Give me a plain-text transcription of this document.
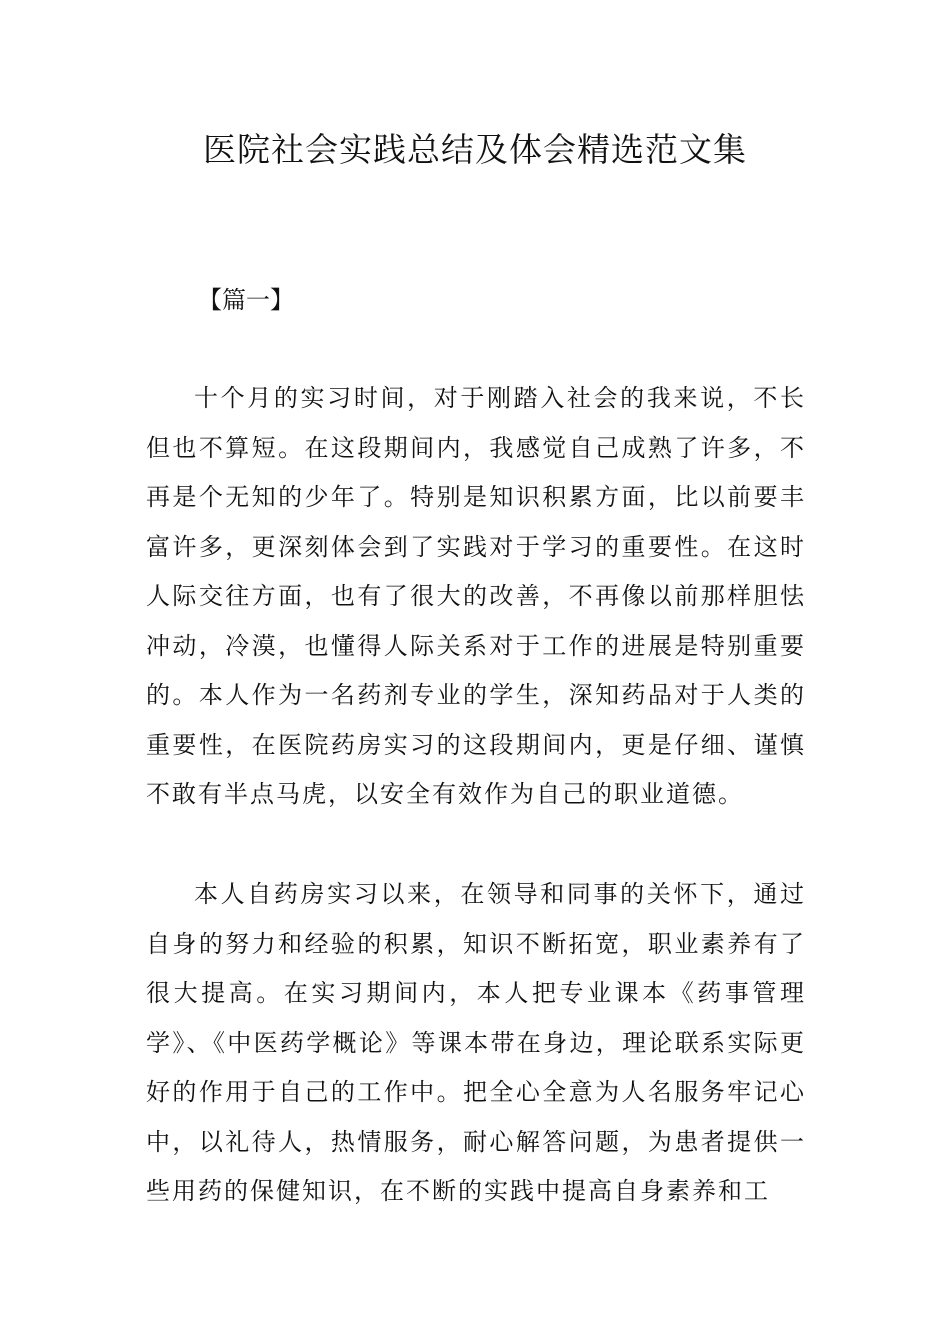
医院社会实践总结及体会精选范文集
【篇一】

十个月的实习时间，对于刚踏入社会的我来说，不长但也不算短。在这段期间内，我感觉自己成熟了许多，不再是个无知的少年了。特别是知识积累方面，比以前要丰富许多，更深刻体会到了实践对于学习的重要性。在这时人际交往方面，也有了很大的改善，不再像以前那样胆怯冲动，冷漠，也懂得人际关系对于工作的进展是特别重要的。本人作为一名药剂专业的学生，深知药品对于人类的重要性，在医院药房实习的这段期间内，更是仔细、谨慎不敢有半点马虎，以安全有效作为自己的职业道德。

本人自药房实习以来，在领导和同事的关怀下，通过自身的努力和经验的积累，知识不断拓宽，职业素养有了很大提高。在实习期间内，本人把专业课本《药事管理学》、《中医药学概论》等课本带在身边，理论联系实际更好的作用于自己的工作中。把全心全意为人名服务牢记心中，以礼待人，热情服务，耐心解答问题，为患者提供一些用药的保健知识，在不断的实践中提高自身素养和工
